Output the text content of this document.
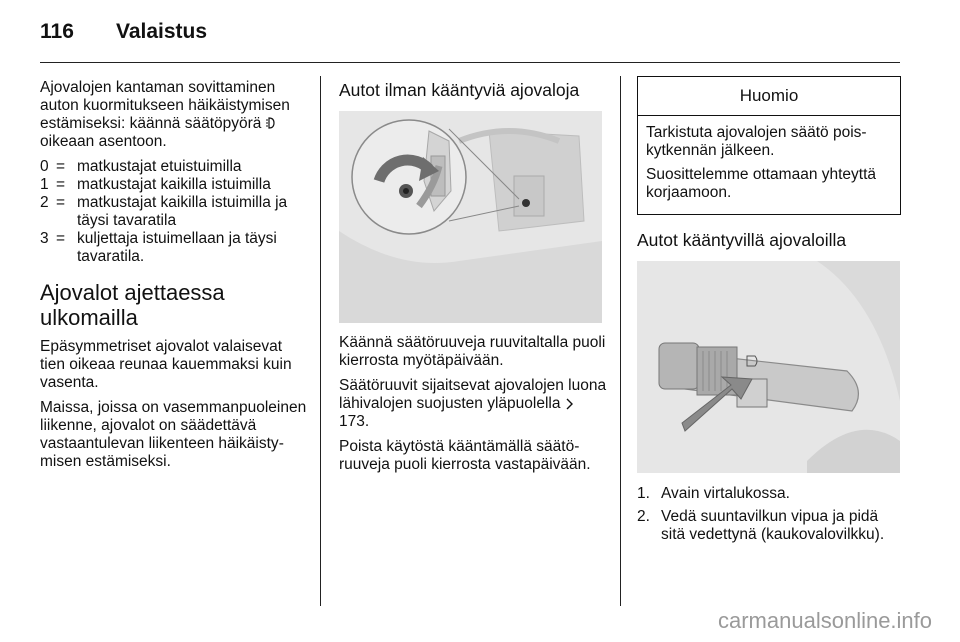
116 Valaistus

Ajovalojen kantaman sovittaminen auton kuormitukseen häikäistymisen estämiseksi: käännä säätöpyörä
oikeaan asentoon.

0 = matkustajat etuistuimilla
1 = matkustajat kaikilla istuimilla
2 = matkustajat kaikilla istuimilla ja täysi tavaratila
3 = kuljettaja istuimellaan ja täysi tavaratila.
Ajovalot ajettaessa ulkomailla

Epäsymmetriset ajovalot valaisevat tien oikeaa reunaa kauemmaksi kuin vasenta.

Maissa, joissa on vasemmanpuoleinen liikenne, ajovalot on säädettävä vastaantulevan liikenteen häikäistymisen estämiseksi.

Autot ilman kääntyviä ajovaloja

Käännä säätöruuveja ruuvitaltalla puoli kierrosta myötäpäivään.

Säätöruuvit sijaitsevat ajovalojen luona lähivalojen suojusten yläpuolella  173.

Poista käytöstä kääntämällä säätöruuveja puoli kierrosta vastapäivään.

Huomio

Tarkistuta ajovalojen säätö poiskytkennän jälkeen.

Suosittelemme ottamaan yhteyttä korjaamoon.

Autot kääntyvillä ajovaloilla
1. Avain virtalukossa.
2. Vedä suuntavilkun vipua ja pidä sitä vedettynä (kaukovalovilkku).
carmanualsonline.info
